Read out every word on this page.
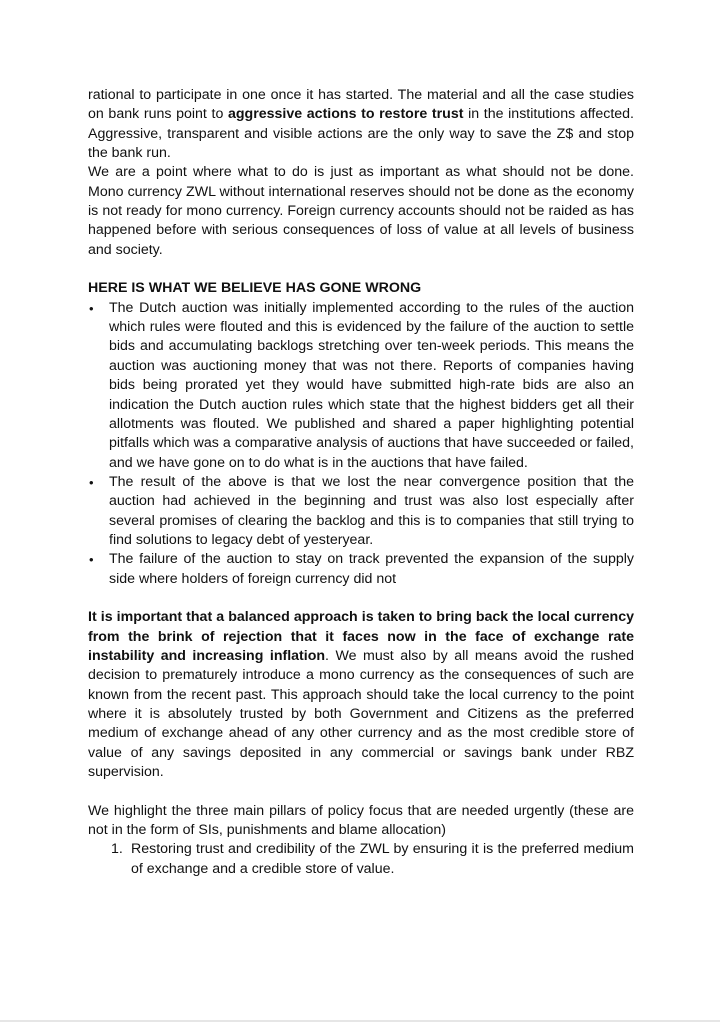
rational to participate in one once it has started. The material and all the case studies on bank runs point to aggressive actions to restore trust in the institutions affected. Aggressive, transparent and visible actions are the only way to save the Z$ and stop the bank run.

We are a point where what to do is just as important as what should not be done. Mono currency ZWL without international reserves should not be done as the economy is not ready for mono currency. Foreign currency accounts should not be raided as has happened before with serious consequences of loss of value at all levels of business and society.

HERE IS WHAT WE BELIEVE HAS GONE WRONG

• The Dutch auction was initially implemented according to the rules of the auction which rules were flouted and this is evidenced by the failure of the auction to settle bids and accumulating backlogs stretching over ten-week periods. This means the auction was auctioning money that was not there. Reports of companies having bids being prorated yet they would have submitted high-rate bids are also an indication the Dutch auction rules which state that the highest bidders get all their allotments was flouted. We published and shared a paper highlighting potential pitfalls which was a comparative analysis of auctions that have succeeded or failed, and we have gone on to do what is in the auctions that have failed.
• The result of the above is that we lost the near convergence position that the auction had achieved in the beginning and trust was also lost especially after several promises of clearing the backlog and this is to companies that still trying to find solutions to legacy debt of yesteryear.
• The failure of the auction to stay on track prevented the expansion of the supply side where holders of foreign currency did not

It is important that a balanced approach is taken to bring back the local currency from the brink of rejection that it faces now in the face of exchange rate instability and increasing inflation. We must also by all means avoid the rushed decision to prematurely introduce a mono currency as the consequences of such are known from the recent past. This approach should take the local currency to the point where it is absolutely trusted by both Government and Citizens as the preferred medium of exchange ahead of any other currency and as the most credible store of value of any savings deposited in any commercial or savings bank under RBZ supervision.

We highlight the three main pillars of policy focus that are needed urgently (these are not in the form of SIs, punishments and blame allocation)

1. Restoring trust and credibility of the ZWL by ensuring it is the preferred medium of exchange and a credible store of value.
